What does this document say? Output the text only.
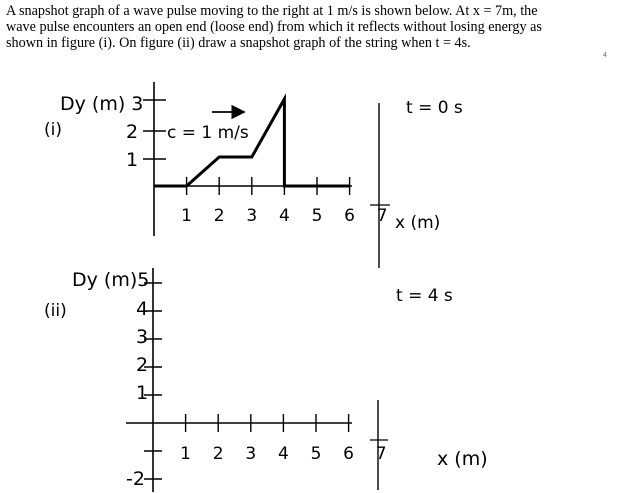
A snapshot graph of a wave pulse moving to the right at 1 m/s is shown below. At x = 7m, the
wave pulse encounters an open end (loose end) from which it reflects without losing energy as
shown in figure (i). On figure (ii) draw a snapshot graph of the string when t = 4s.
4
Dy (m) 3
(i)	2
1
1 2 3 4 5 6 7
c = 1 m/s
t = 0 s
x (m)
Dy (m)5
(ii)	4
3
2
1
-2
1 2 3 4 5 6 7
t = 4 s
x (m)
